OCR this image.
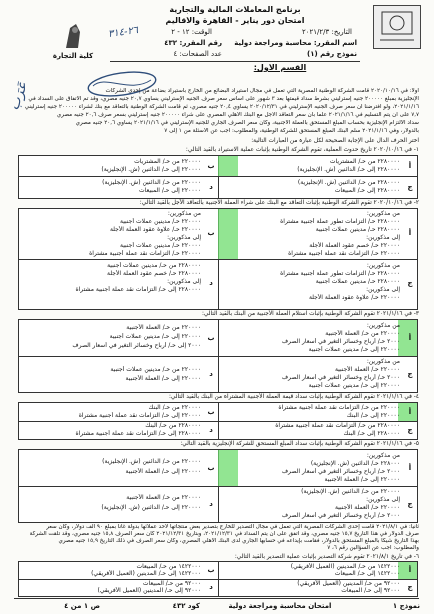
كلية التجارة
برنامج المعاملات المالية والتجارية
امتحان دور يناير - القاهرة والأقاليم
التاريخ: ٢٠٢١/٢/٣
الوقت: ١٢ - ٢
اسم المقرر: محاسبة ومراجعة دولية
رقم المقرر: ٤٣٢
نموذج رقم (١)
عدد الصفحات: ٤
٢٦-٣١٤
عَرَب
القسم الأول:
أولاً: في ٢٠٢٠/١٠/١٦ قامت الشركة الوطنية المصرية التي تعمل في مجال استيراد البضائع من الخارج باستيراد بضاعة من إحدى الشركات
الإنجليزية بمبلغ ٢٠٠٠٠٠ جنيه إسترليني بشرط سداد قيمتها بعد ٣ شهور على أساس سعر صرف الجنيه الإسترليني يساوي ٢٠,٧ جنيه مصري، وقد تم الاتفاق على السداد في
٢٠٢١/١/١٦، ولو افترضنا أن سعر صرف الجنيه الإسترليني في ٢٠٢٠/١٢/٣١ يساوي ٢٠,٤ جنيه مصري، ثم قامت الشركة الوطنية بالتعاقد مع بنك لشراء ٢٠٠٠٠٠ جنيه إسترليني
٧,٧ على أن يتم التسليم في ٢٠٢١/١/١٦ علماً بأن سعر التعاقد الآجل مع البنك الأهلي المصري على شراء ٢٠٠٠٠٠ جنيه إسترليني بسعر صرف ٢٠,٦ جنيه مصري
سداد الالتزام الإنجليزية بحساب المبلغ المستحق بالعملة الأجنبية، وكان سعر الصرف الجاري للجنيه الإسترليني في ٢٠٢١/١/١٦ يساوي ٢٠,٦ جنيه مصري
بالدولار، وفي ٢٠٢١/١/١٦ سلم البنك المبلغ المستحق للشركة الوطنية، والمطلوب: أجب عن الأسئلة من ١ إلى ٧
اختر الحرف الدال على الإجابة الصحيحة لكل عبارة من العبارات التالية:
١- في ٢٠٢٠/١٠/١٦ تاريخ حدوث العملية، تقوم الشركة الوطنية بإثبات عملية الاستيراد بالقيد التالي:
أ
٢٢٨٠٠٠٠ من حـ/ المشتريات
٢٢٨٠٠٠٠ إلى حـ/ الدائنين (ش. الإنجليزية)
ب
٢٢٠٠٠٠ من حـ/ المشتريات
٢٢٠٠٠٠ إلى حـ/ الدائنين (ش. الإنجليزية)
ج
٢٢٨٠٠٠٠ من حـ/ الدائنين (ش. الإنجليزية)
٢٢٨٠٠٠٠ إلى حـ/ المبيعات
د
٢٢٠٠٠٠ من حـ/ الدائنين (ش. الإنجليزية)
٢٢٠٠٠٠ إلى حـ/ المبيعات
٢- في ٢٠٢٠/١٠/١٦ تقوم الشركة الوطنية بإثبات التعاقد مع البنك على شراء العملة الأجنبية بالتعاقد الآجل بالقيد التالي:
أ
من مذكورين:
٢٢٨٠٠٠٠ حـ/ التزامات تطور عملة أجنبية مشتراة
٢٢٨٠٠٠٠ حـ/ مدينين عملات أجنبية
إلى مذكورين:
٢٢٠٠٠٠ حـ/ خصم عقود العملة الأجلة
٢٢٠٠٠٠ حـ/ التزامات نقد عملة أجنبية مشتراة
ب
من مذكورين:
٢٢٠٠٠٠ حـ/ مدينين عملات أجنبية
٢٢٠٠٠٠ حـ/ علاوة عقود العملة الأجلة
إلى مذكورين:
٢٢٠٠٠٠ حـ/ مدينين عملات أجنبية
٢٢٠٠٠٠ حـ/ التزامات نقد عملة أجنبية مشتراة
ج
من مذكورين:
٢٢٨٠٠٠٠ حـ/ التزامات تطور عملة أجنبية مشتراة
٢٢٨٠٠٠٠ حـ/ مدينين عملات أجنبية
إلى مذكورين:
٢٢٠٠٠٠ حـ/ علاوة عقود العملة الأجلة
د
٢٢٨٠٠٠٠ من حـ/ مدينين عملات أجنبية
٢٢٨٠٠٠٠ حـ/ خصم عقود العملة الأجلة
إلى مذكورين:
٢٢٨٠٠٠٠ إلى حـ/ التزامات نقد عملة أجنبية مشتراة
٣- في ٢٠٢١/١/١٦ تقوم الشركة الوطنية بإثبات استلام العملة الأجنبية من البنك بالقيد التالي:
أ
من مذكورين:
٢٢٠٠٠٠ من حـ/ العملة الأجنبية
٢٠٠٠ حـ/ أرباح وخسائر التغير في أسعار الصرف
٢٢٠٠٠٠ إلى حـ/ مدينين عملات أجنبية
ب
٢٢٠٠٠٠ من حـ/ العملة الأجنبية
٢٢٠٠٠٠ إلى حـ/ مدينين عملات أجنبية
٢٠٠٠ إلى حـ/ أرباح وخسائر التغير في أسعار الصرف
ج
من مذكورين:
٢٢٠٠٠٠ حـ/ العملة الأجنبية
٢٠٠٠ حـ/ أرباح وخسائر التغير في أسعار الصرف
٢٢٠٠٠٠ إلى حـ/ مدينين عملات أجنبية
د
٢٢٠٠٠٠ من حـ/ مدينين عملات أجنبية
٢٢٠٠٠٠ إلى حـ/ العملة الأجنبية
٤- في ٢٠٢١/١/١٦ تقوم الشركة الوطنية بإثبات سداد قيمة العملة الأجنبية المشتراة من البنك بالقيد التالي:
أ
٢٢٠٠٠٠ من حـ/ التزامات نقد عملة أجنبية مشتراة
٢٢٠٠٠٠ إلى حـ/ البنك
ب
٢٢٠٠٠٠ من حـ/ البنك
٢٢٠٠٠٠ إلى حـ/ التزامات نقد عملة أجنبية مشتراة
ج
٢٢٨٠٠٠٠ من حـ/ التزامات نقد عملة أجنبية مشتراة
٢٢٨٠٠٠٠ إلى حـ/ البنك
د
٢٢٨٠٠٠٠ من حـ/ البنك
٢٢٨٠٠٠٠ إلى حـ/ التزامات نقد عملة أجنبية مشتراة
٥- في ٢٠٢١/١/١٦ تقوم الشركة الوطنية بإثبات سداد المبلغ المستحق للشركة الإنجليزية بالقيد التالي:
أ
من مذكورين:
٢٢٨٠٠٠ حـ/ الدائنين (ش. الإنجليزية)
٢٠٠٠ حـ/ أرباح وخسائر التغير في أسعار الصرف
٢٢٠٠٠٠ إلى حـ/ العملة الأجنبية
ب
٢٢٠٠٠٠ من حـ/ الدائنين (ش. الإنجليزية)
٢٢٠٠٠٠ إلى حـ/ العملة الأجنبية
ج
٢٢٠٠٠٠ من حـ/ الدائنين (ش. الإنجليزية)
إلى مذكورين:
٢٢٠٠٠٠ حـ/ العملة الأجنبية
٢٠٠٠ حـ/ أرباح وخسائر التغير في أسعار الصرف
د
٢٢٠٠٠٠ من حـ/ العملة الأجنبية
٢٢٠٠٠٠ إلى حـ/ الدائنين (ش. الإنجليزية)
ثانياً: في ٢٠٢١/٨/١ قامت إحدى الشركات المصرية التي تعمل في مجال التصدير للخارج بتصدير بعض منتجاتها لأحد عملائها بدولة غانا بمبلغ ٩٠ ألف دولار، وكان سعر
صرف الدولار في هذا التاريخ ١٥,٧ جنيه مصري، وقد اتفق على أن يتم السداد في ٢٠٢١/١٢/٣١، وبتاريخ ٢٠٢١/١٢/٣١ كان سعر الصرف ١٥,٨ جنيه مصري، وقد تلقت الشركة
بهذا التاريخ شيكاً بالمبلغ المستحق بالدولار، فقامت بإيداعه في حسابها الجاري لدى البنك الأهلي المصري، وكان سعر الصرف في ذلك التاريخ ١٥,٩ جنيه مصري
والمطلوب: أجب عن السؤالين رقم ٦، ٧
٦- في تاريخ ٢٠٢١/٨/١ تقوم شركة التصدير بإثبات عملية التصدير بالقيد التالي:
أ
١٤٢٢٠٠٠ من حـ/ المدينين (العميل الأفريقي)
١٤٢٢٠٠٠ إلى حـ/ المبيعات
ب
١٤٢٢٠٠٠ من حـ/ المبيعات
١٤٢٢٠٠٠ إلى حـ/ المدينين (العميل الأفريقي)
ج
٩٢٠٠٠ من حـ/ المدينين (العميل الأفريقي)
٩٢٠٠٠ إلى حـ/ المبيعات
د
٩٢٠٠٠ من حـ/ المبيعات
٩٢٠٠٠ إلى حـ/ المدينين (العميل الأفريقي)
نموذج ١
امتحان محاسبة ومراجعة دولية
كود ٤٣٢
ص ١ من ٤
